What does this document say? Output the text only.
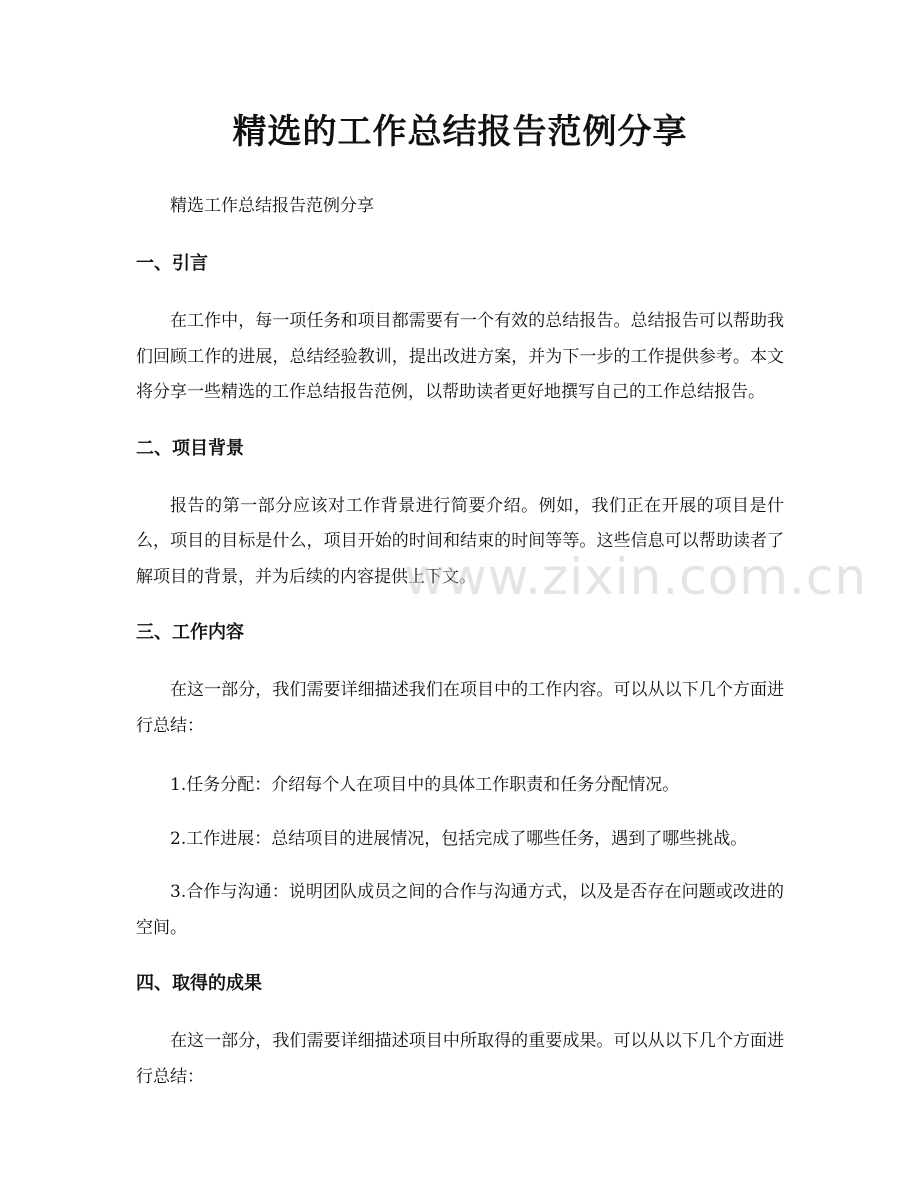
精选的工作总结报告范例分享

精选工作总结报告范例分享

一、引言

在工作中，每一项任务和项目都需要有一个有效的总结报告。总结报告可以帮助我们回顾工作的进展，总结经验教训，提出改进方案，并为下一步的工作提供参考。本文将分享一些精选的工作总结报告范例，以帮助读者更好地撰写自己的工作总结报告。

二、项目背景

报告的第一部分应该对工作背景进行简要介绍。例如，我们正在开展的项目是什么，项目的目标是什么，项目开始的时间和结束的时间等等。这些信息可以帮助读者了解项目的背景，并为后续的内容提供上下文。

三、工作内容

在这一部分，我们需要详细描述我们在项目中的工作内容。可以从以下几个方面进行总结：

1.任务分配：介绍每个人在项目中的具体工作职责和任务分配情况。

2.工作进展：总结项目的进展情况，包括完成了哪些任务，遇到了哪些挑战。

3.合作与沟通：说明团队成员之间的合作与沟通方式，以及是否存在问题或改进的空间。

四、取得的成果

在这一部分，我们需要详细描述项目中所取得的重要成果。可以从以下几个方面进行总结：

www.zixin.com.cn
